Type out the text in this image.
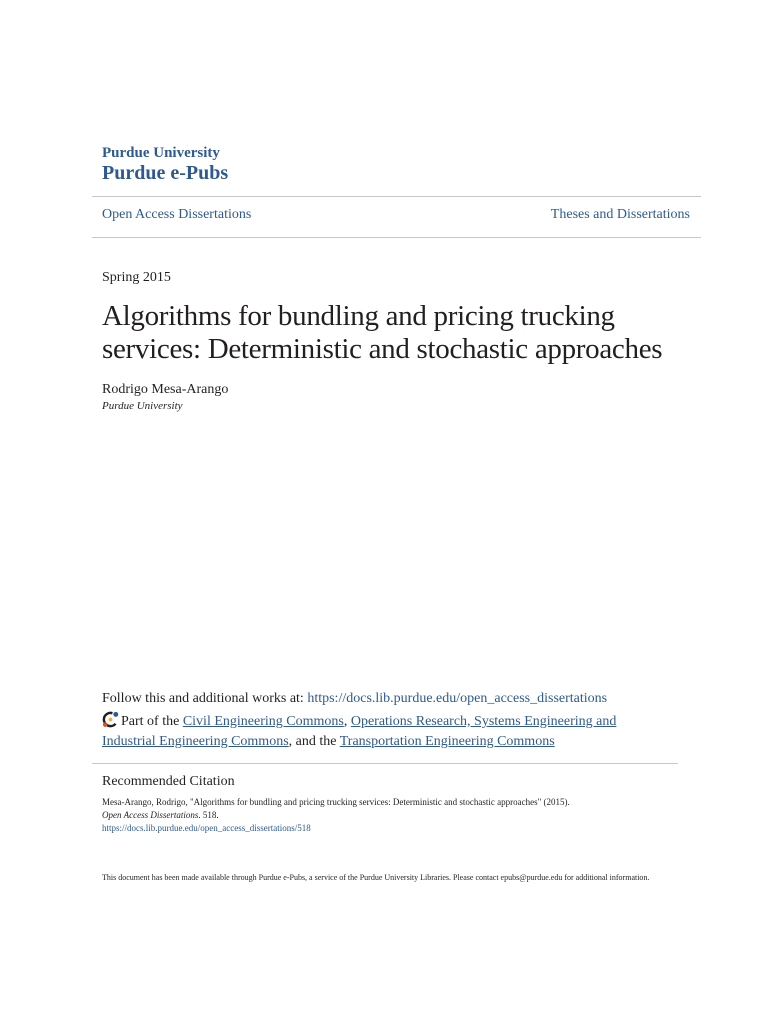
Purdue University
Purdue e-Pubs
Open Access Dissertations	Theses and Dissertations
Spring 2015
Algorithms for bundling and pricing trucking
services: Deterministic and stochastic approaches
Rodrigo Mesa-Arango
Purdue University
Follow this and additional works at: https://docs.lib.purdue.edu/open_access_dissertations
Part of the Civil Engineering Commons, Operations Research, Systems Engineering and Industrial Engineering Commons, and the Transportation Engineering Commons
Recommended Citation
Mesa-Arango, Rodrigo, "Algorithms for bundling and pricing trucking services: Deterministic and stochastic approaches" (2015).
Open Access Dissertations. 518.
https://docs.lib.purdue.edu/open_access_dissertations/518
This document has been made available through Purdue e-Pubs, a service of the Purdue University Libraries. Please contact epubs@purdue.edu for additional information.
